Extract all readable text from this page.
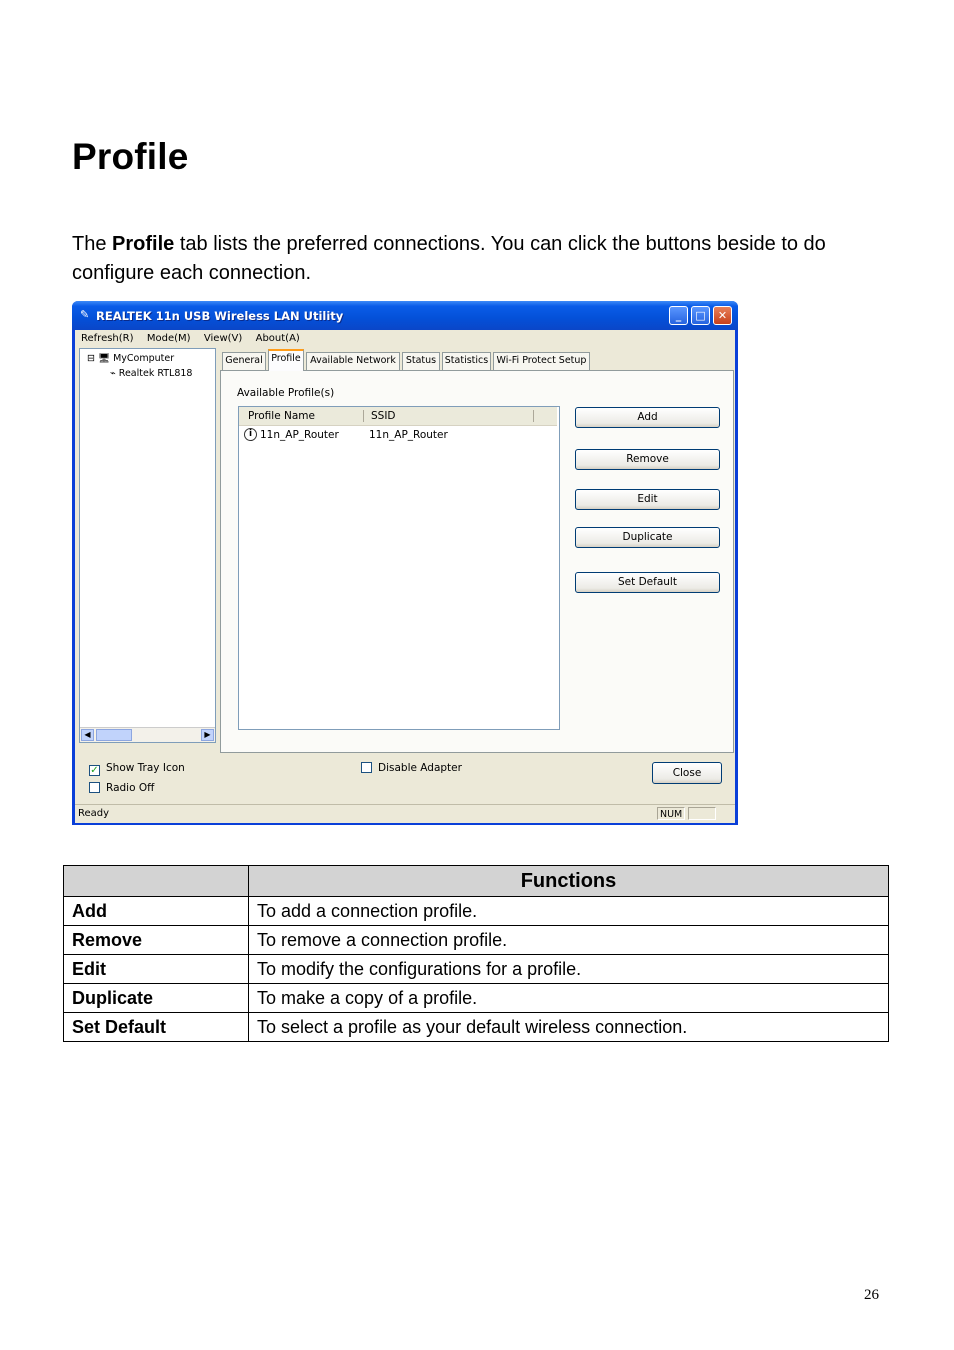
Profile
The Profile tab lists the preferred connections. You can click the buttons beside to do configure each connection.
✎ REALTEK 11n USB Wireless LAN Utility	_	□	✕
Refresh(R) Mode(M) View(V) About(A)
⊟ 🖥 MyComputer
⌁ Realtek RTL818
◀	▶
General Profile Available Network	Status Statistics Wi-Fi Protect Setup
Available Profile(s)
Profile Name	SSID
i 11n_AP_Router	11n_AP_Router
Add
Remove
Edit
Duplicate
Set Default
✓ Show Tray Icon
Radio Off
Disable Adapter	Close
Ready	NUM
	Functions
Add	To add a connection profile.
Remove	To remove a connection profile.
Edit	To modify the configurations for a profile.
Duplicate	To make a copy of a profile.
Set Default	To select a profile as your default wireless connection.
26
